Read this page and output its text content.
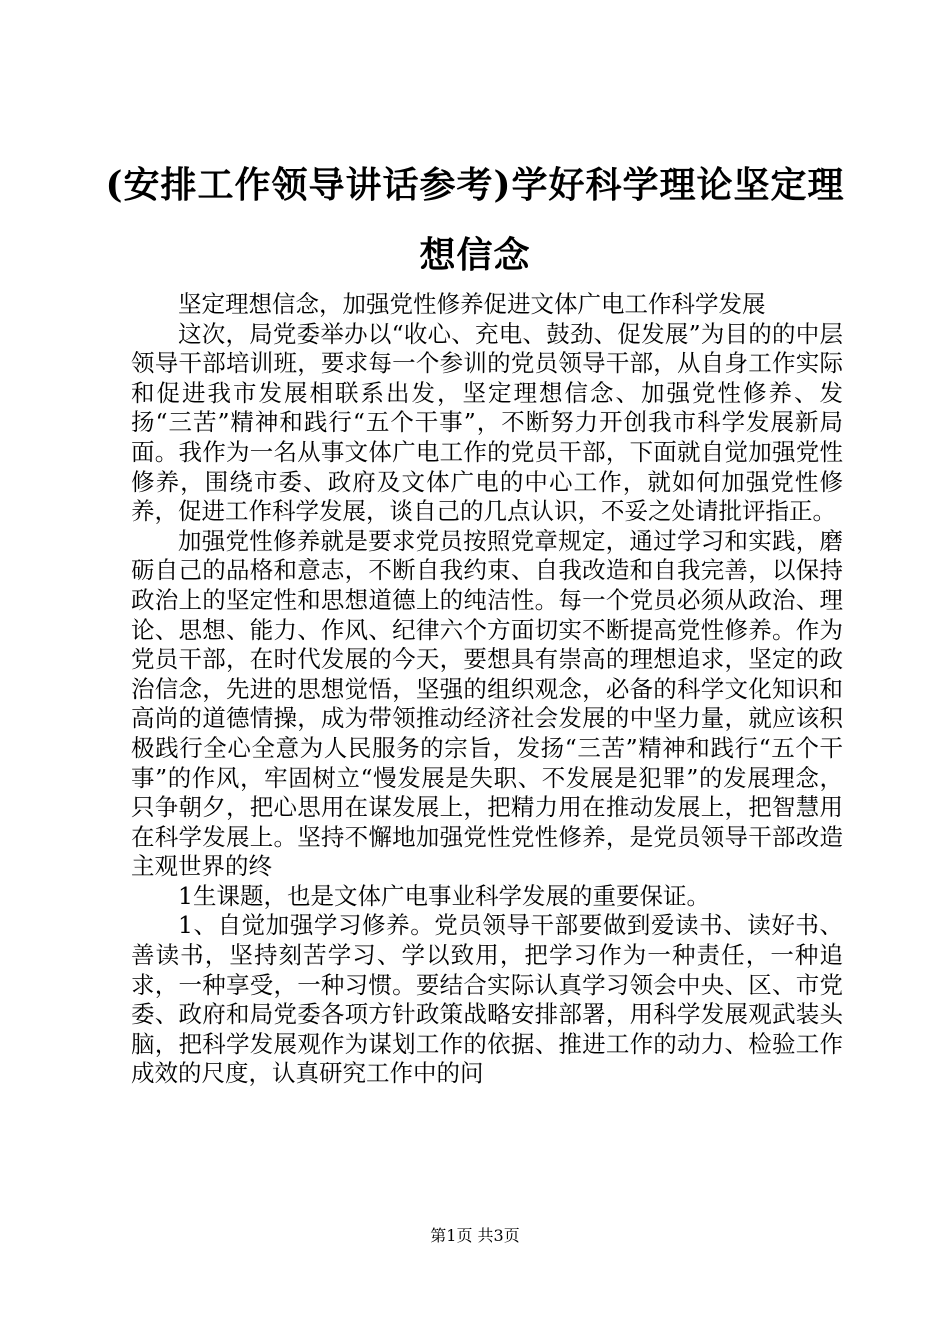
(安排工作领导讲话参考)学好科学理论坚定理想信念

坚定理想信念，加强党性修养促进文体广电工作科学发展

这次，局党委举办以“收心、充电、鼓劲、促发展”为目的的中层领导干部培训班，要求每一个参训的党员领导干部，从自身工作实际和促进我市发展相联系出发，坚定理想信念、加强党性修养、发扬“三苦”精神和践行“五个干事”，不断努力开创我市科学发展新局面。我作为一名从事文体广电工作的党员干部，下面就自觉加强党性修养，围绕市委、政府及文体广电的中心工作，就如何加强党性修养，促进工作科学发展，谈自己的几点认识，不妥之处请批评指正。

加强党性修养就是要求党员按照党章规定，通过学习和实践，磨砺自己的品格和意志，不断自我约束、自我改造和自我完善，以保持政治上的坚定性和思想道德上的纯洁性。每一个党员必须从政治、理论、思想、能力、作风、纪律六个方面切实不断提高党性修养。作为党员干部，在时代发展的今天，要想具有崇高的理想追求，坚定的政治信念，先进的思想觉悟，坚强的组织观念，必备的科学文化知识和高尚的道德情操，成为带领推动经济社会发展的中坚力量，就应该积极践行全心全意为人民服务的宗旨，发扬“三苦”精神和践行“五个干事”的作风，牢固树立“慢发展是失职、不发展是犯罪”的发展理念，只争朝夕，把心思用在谋发展上，把精力用在推动发展上，把智慧用在科学发展上。坚持不懈地加强党性党性修养，是党员领导干部改造主观世界的终

1生课题，也是文体广电事业科学发展的重要保证。

1、自觉加强学习修养。党员领导干部要做到爱读书、读好书、善读书，坚持刻苦学习、学以致用，把学习作为一种责任，一种追求，一种享受，一种习惯。要结合实际认真学习领会中央、区、市党委、政府和局党委各项方针政策战略安排部署，用科学发展观武装头脑，把科学发展观作为谋划工作的依据、推进工作的动力、检验工作成效的尺度，认真研究工作中的问

第1页 共3页
